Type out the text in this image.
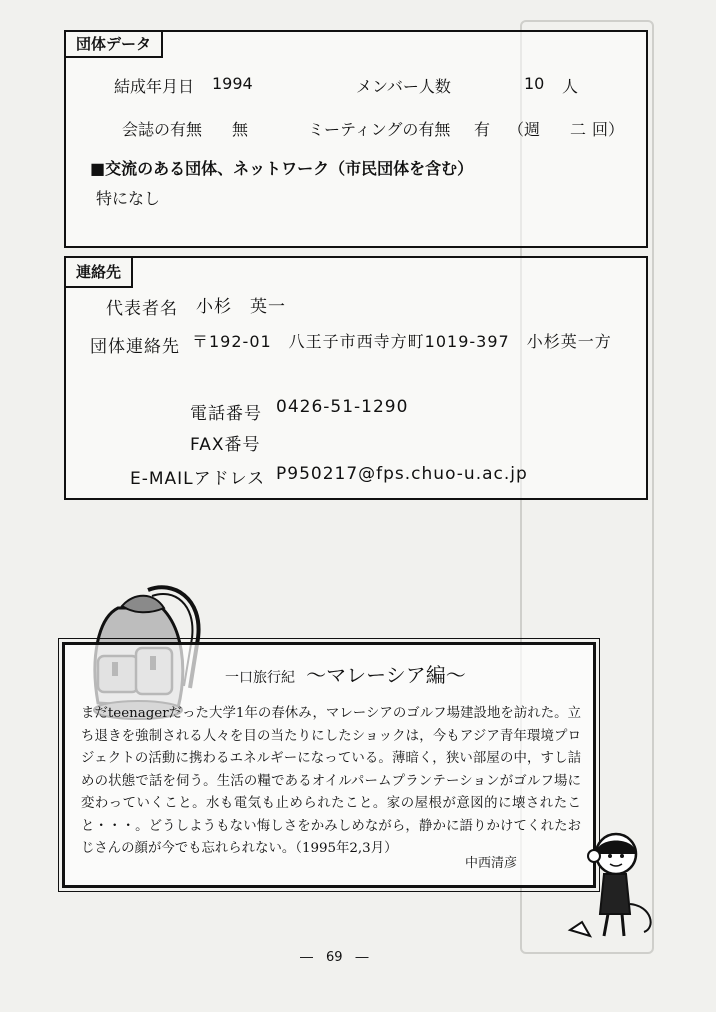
団体データ
結成年月日 1994	メンバー人数	10 人
会誌の有無 無	ミーティングの有無 有 （週 二 回）
■交流のある団体、ネットワーク（市民団体を含む）
特になし
連絡先
代表者名 小杉　英一
団体連絡先 〒192-01　八王子市西寺方町1019-397　小杉英一方
電話番号 0426-51-1290
FAX番号
E-MAILアドレス P950217@fps.chuo-u.ac.jp
一口旅行紀 ～マレーシア編～
まだteenagerだった大学1年の春休み，マレーシアのゴルフ場建設地を訪れた。立ち退きを強制される人々を目の当たりにしたショックは，今もアジア青年環境プロジェクトの活動に携わるエネルギーになっている。薄暗く，狭い部屋の中，すし詰めの状態で話を伺う。生活の糧であるオイルパームプランテーションがゴルフ場に変わっていくこと。水も電気も止められたこと。家の屋根が意図的に壊されたこと・・・。どうしようもない悔しさをかみしめながら，静かに語りかけてくれたおじさんの顔が今でも忘れられない。（1995年2,3月）
中西清彦
―　69　―
